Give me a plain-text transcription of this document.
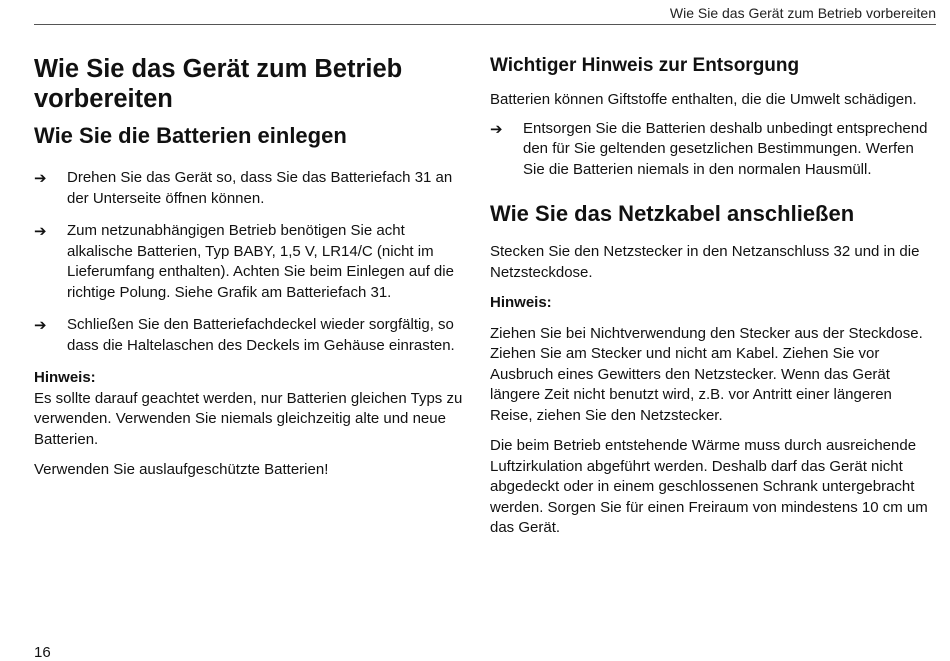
Wie Sie das Gerät zum Betrieb vorbereiten
Wie Sie das Gerät zum Betrieb vorbereiten
Wie Sie die Batterien einlegen
➔	Drehen Sie das Gerät so, dass Sie das Batteriefach 31 an der Unterseite öffnen können.

➔	Zum netzunabhängigen Betrieb benötigen Sie acht alkalische Batterien, Typ BABY, 1,5 V, LR14/C (nicht im Lieferumfang enthalten). Achten Sie beim Einlegen auf die richtige Polung. Siehe Grafik am Batteriefach 31.

➔	Schließen Sie den Batteriefachdeckel wieder sorgfältig, so dass die Haltelaschen des Deckels im Gehäuse einrasten.

Hinweis:

Es sollte darauf geachtet werden, nur Batterien gleichen Typs zu verwenden. Verwenden Sie niemals gleichzeitig alte und neue Batterien.

Verwenden Sie auslaufgeschützte Batterien!

Wichtiger Hinweis zur Entsorgung

Batterien können Giftstoffe enthalten, die die Umwelt schädigen.

➔	Entsorgen Sie die Batterien deshalb unbedingt entsprechend den für Sie geltenden gesetzlichen Bestimmungen. Werfen Sie die Batterien niemals in den normalen Hausmüll.

Wie Sie das Netzkabel anschließen

Stecken Sie den Netzstecker in den Netzanschluss 32 und in die Netzsteckdose.

Hinweis:

Ziehen Sie bei Nichtverwendung den Stecker aus der Steckdose. Ziehen Sie am Stecker und nicht am Kabel. Ziehen Sie vor Ausbruch eines Gewitters den Netzstecker. Wenn das Gerät längere Zeit nicht benutzt wird, z.B. vor Antritt einer längeren Reise, ziehen Sie den Netzstecker.

Die beim Betrieb entstehende Wärme muss durch ausreichende Luftzirkulation abgeführt werden. Deshalb darf das Gerät nicht abgedeckt oder in einem geschlossenen Schrank untergebracht werden. Sorgen Sie für einen Freiraum von mindestens 10 cm um das Gerät.

16
